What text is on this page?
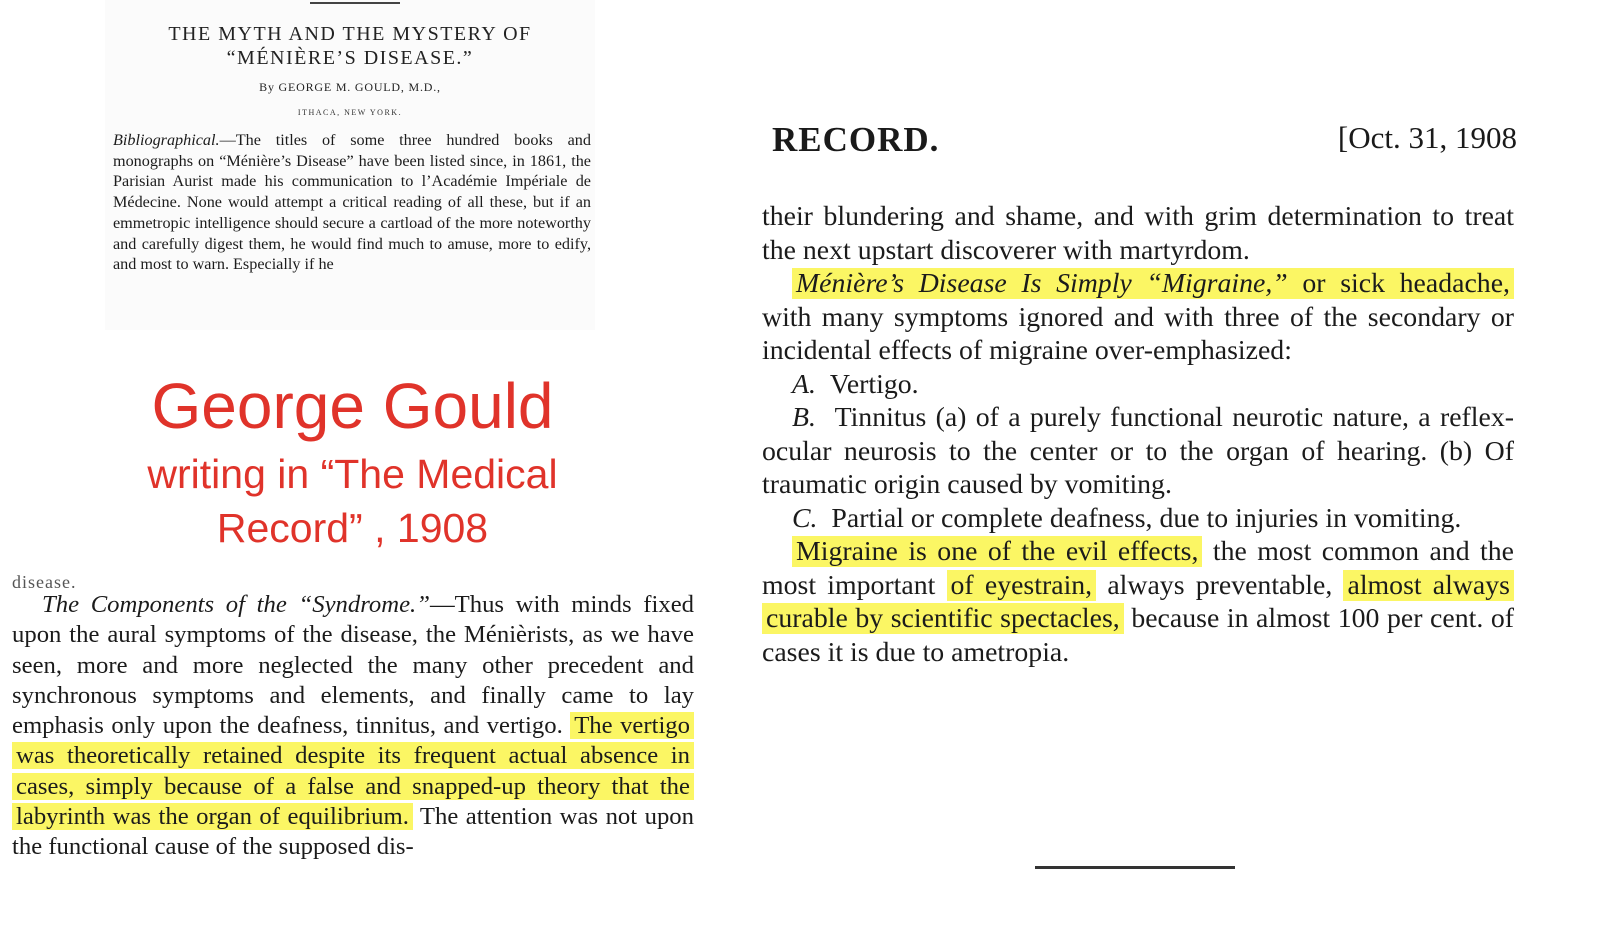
THE MYTH AND THE MYSTERY OF
“MÉNIÈRE’S DISEASE.”
By GEORGE M. GOULD, M.D.,
ITHACA, NEW YORK.
Bibliographical.—The titles of some three hundred books and monographs on “Ménière’s Disease” have been listed since, in 1861, the Parisian Aurist made his communication to l’Académie Impériale de Médecine. None would attempt a critical reading of all these, but if an emmetropic intelligence should secure a cartload of the more noteworthy and carefully digest them, he would find much to amuse, more to edify, and most to warn. Especially if he
George Gould
writing in “The Medical
Record” , 1908
disease.
The Components of the “Syndrome.”—Thus with minds fixed upon the aural symptoms of the disease, the Ménièrists, as we have seen, more and more neglected the many other precedent and synchronous symptoms and elements, and finally came to lay emphasis only upon the deafness, tinnitus, and vertigo. The vertigo was theoretically retained despite its frequent actual absence in cases, simply because of a false and snapped-up theory that the labyrinth was the organ of equilibrium. The attention was not upon the functional cause of the supposed dis-
RECORD.	[Oct. 31, 1908

their blundering and shame, and with grim determination to treat the next upstart discoverer with martyrdom.

Ménière’s Disease Is Simply “Migraine,” or sick headache, with many symptoms ignored and with three of the secondary or incidental effects of migraine over-emphasized:

A. Vertigo.

B. Tinnitus (a) of a purely functional neurotic nature, a reflex-ocular neurosis to the center or to the organ of hearing. (b) Of traumatic origin caused by vomiting.

C. Partial or complete deafness, due to injuries in vomiting.

Migraine is one of the evil effects, the most common and the most important of eyestrain, always preventable, almost always curable by scientific spectacles, because in almost 100 per cent. of cases it is due to ametropia.
